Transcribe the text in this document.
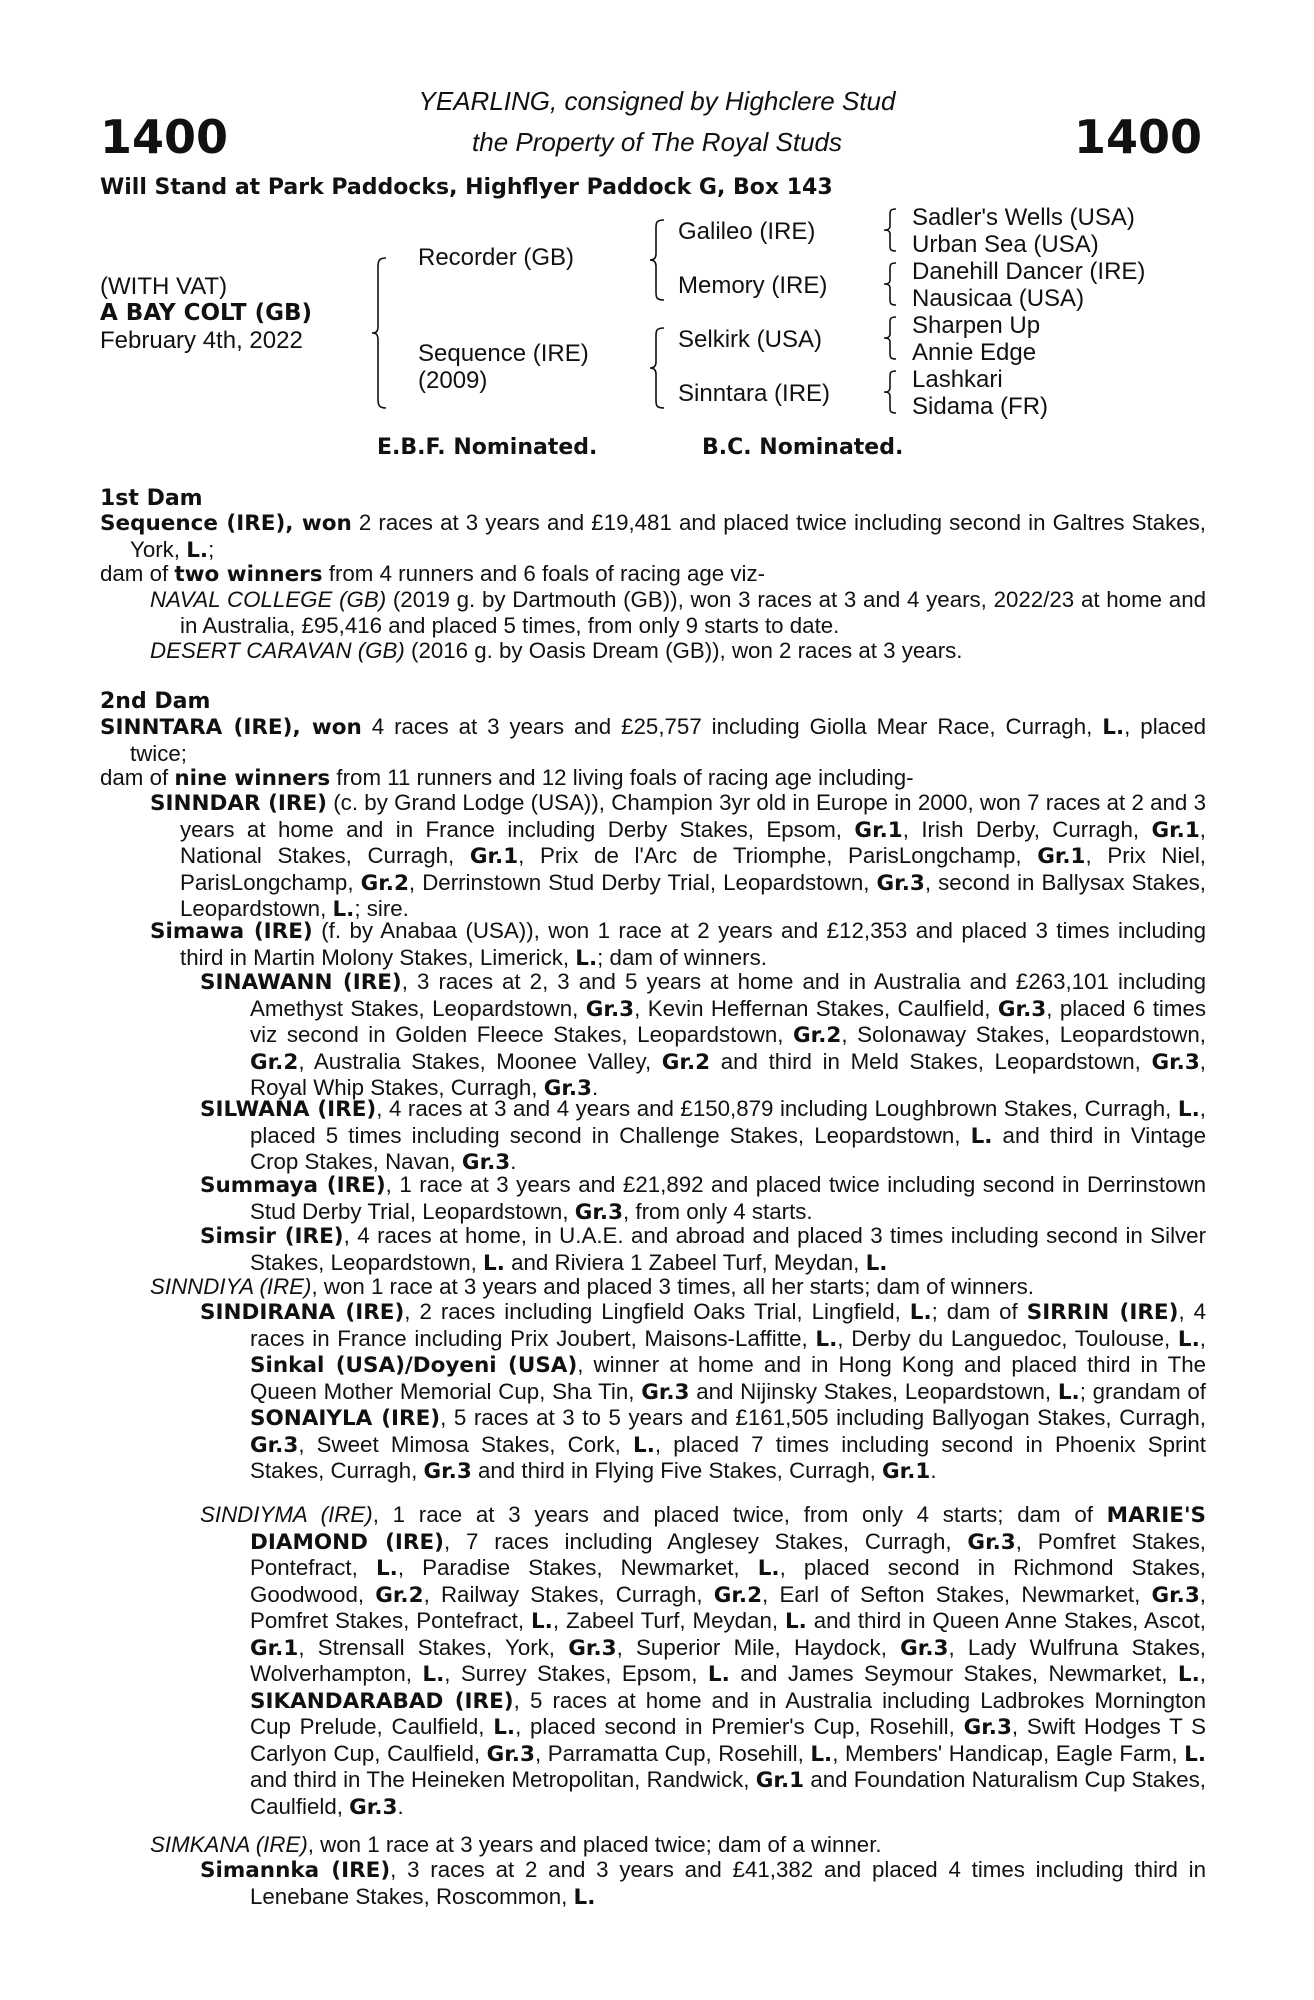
1400	1400
YEARLING, consigned by Highclere Stud
the Property of The Royal Studs
Will Stand at Park Paddocks, Highflyer Paddock G, Box 143
(WITH VAT)
A BAY COLT (GB)
February 4th, 2022
Recorder (GB)
Sequence (IRE)
(2009)
Galileo (IRE)
Memory (IRE)
Selkirk (USA)
Sinntara (IRE)
Sadler's Wells (USA)
Urban Sea (USA)
Danehill Dancer (IRE)
Nausicaa (USA)
Sharpen Up
Annie Edge
Lashkari
Sidama (FR)
E.B.F. Nominated.	B.C. Nominated.
1st Dam
Sequence (IRE), won 2 races at 3 years and £19,481 and placed twice including second in Galtres Stakes, York, L.;
dam of two winners from 4 runners and 6 foals of racing age viz-
NAVAL COLLEGE (GB) (2019 g. by Dartmouth (GB)), won 3 races at 3 and 4 years, 2022/23 at home and in Australia, £95,416 and placed 5 times, from only 9 starts to date.
DESERT CARAVAN (GB) (2016 g. by Oasis Dream (GB)), won 2 races at 3 years.
2nd Dam
SINNTARA (IRE), won 4 races at 3 years and £25,757 including Giolla Mear Race, Curragh, L., placed twice;
dam of nine winners from 11 runners and 12 living foals of racing age including-
SINNDAR (IRE) (c. by Grand Lodge (USA)), Champion 3yr old in Europe in 2000, won 7 races at 2 and 3 years at home and in France including Derby Stakes, Epsom, Gr.1, Irish Derby, Curragh, Gr.1, National Stakes, Curragh, Gr.1, Prix de l'Arc de Triomphe, ParisLongchamp, Gr.1, Prix Niel, ParisLongchamp, Gr.2, Derrinstown Stud Derby Trial, Leopardstown, Gr.3, second in Ballysax Stakes, Leopardstown, L.; sire.
Simawa (IRE) (f. by Anabaa (USA)), won 1 race at 2 years and £12,353 and placed 3 times including third in Martin Molony Stakes, Limerick, L.; dam of winners.
SINAWANN (IRE), 3 races at 2, 3 and 5 years at home and in Australia and £263,101 including Amethyst Stakes, Leopardstown, Gr.3, Kevin Heffernan Stakes, Caulfield, Gr.3, placed 6 times viz second in Golden Fleece Stakes, Leopardstown, Gr.2, Solonaway Stakes, Leopardstown, Gr.2, Australia Stakes, Moonee Valley, Gr.2 and third in Meld Stakes, Leopardstown, Gr.3, Royal Whip Stakes, Curragh, Gr.3.
SILWANA (IRE), 4 races at 3 and 4 years and £150,879 including Loughbrown Stakes, Curragh, L., placed 5 times including second in Challenge Stakes, Leopardstown, L. and third in Vintage Crop Stakes, Navan, Gr.3.
Summaya (IRE), 1 race at 3 years and £21,892 and placed twice including second in Derrinstown Stud Derby Trial, Leopardstown, Gr.3, from only 4 starts.
Simsir (IRE), 4 races at home, in U.A.E. and abroad and placed 3 times including second in Silver Stakes, Leopardstown, L. and Riviera 1 Zabeel Turf, Meydan, L.
SINNDIYA (IRE), won 1 race at 3 years and placed 3 times, all her starts; dam of winners.
SINDIRANA (IRE), 2 races including Lingfield Oaks Trial, Lingfield, L.; dam of SIRRIN (IRE), 4 races in France including Prix Joubert, Maisons-Laffitte, L., Derby du Languedoc, Toulouse, L., Sinkal (USA)/Doyeni (USA), winner at home and in Hong Kong and placed third in The Queen Mother Memorial Cup, Sha Tin, Gr.3 and Nijinsky Stakes, Leopardstown, L.; grandam of SONAIYLA (IRE), 5 races at 3 to 5 years and £161,505 including Ballyogan Stakes, Curragh, Gr.3, Sweet Mimosa Stakes, Cork, L., placed 7 times including second in Phoenix Sprint Stakes, Curragh, Gr.3 and third in Flying Five Stakes, Curragh, Gr.1.
SINDIYMA (IRE), 1 race at 3 years and placed twice, from only 4 starts; dam of MARIE'S DIAMOND (IRE), 7 races including Anglesey Stakes, Curragh, Gr.3, Pomfret Stakes, Pontefract, L., Paradise Stakes, Newmarket, L., placed second in Richmond Stakes, Goodwood, Gr.2, Railway Stakes, Curragh, Gr.2, Earl of Sefton Stakes, Newmarket, Gr.3, Pomfret Stakes, Pontefract, L., Zabeel Turf, Meydan, L. and third in Queen Anne Stakes, Ascot, Gr.1, Strensall Stakes, York, Gr.3, Superior Mile, Haydock, Gr.3, Lady Wulfruna Stakes, Wolverhampton, L., Surrey Stakes, Epsom, L. and James Seymour Stakes, Newmarket, L., SIKANDARABAD (IRE), 5 races at home and in Australia including Ladbrokes Mornington Cup Prelude, Caulfield, L., placed second in Premier's Cup, Rosehill, Gr.3, Swift Hodges T S Carlyon Cup, Caulfield, Gr.3, Parramatta Cup, Rosehill, L., Members' Handicap, Eagle Farm, L. and third in The Heineken Metropolitan, Randwick, Gr.1 and Foundation Naturalism Cup Stakes, Caulfield, Gr.3.
SIMKANA (IRE), won 1 race at 3 years and placed twice; dam of a winner.
Simannka (IRE), 3 races at 2 and 3 years and £41,382 and placed 4 times including third in Lenebane Stakes, Roscommon, L.
